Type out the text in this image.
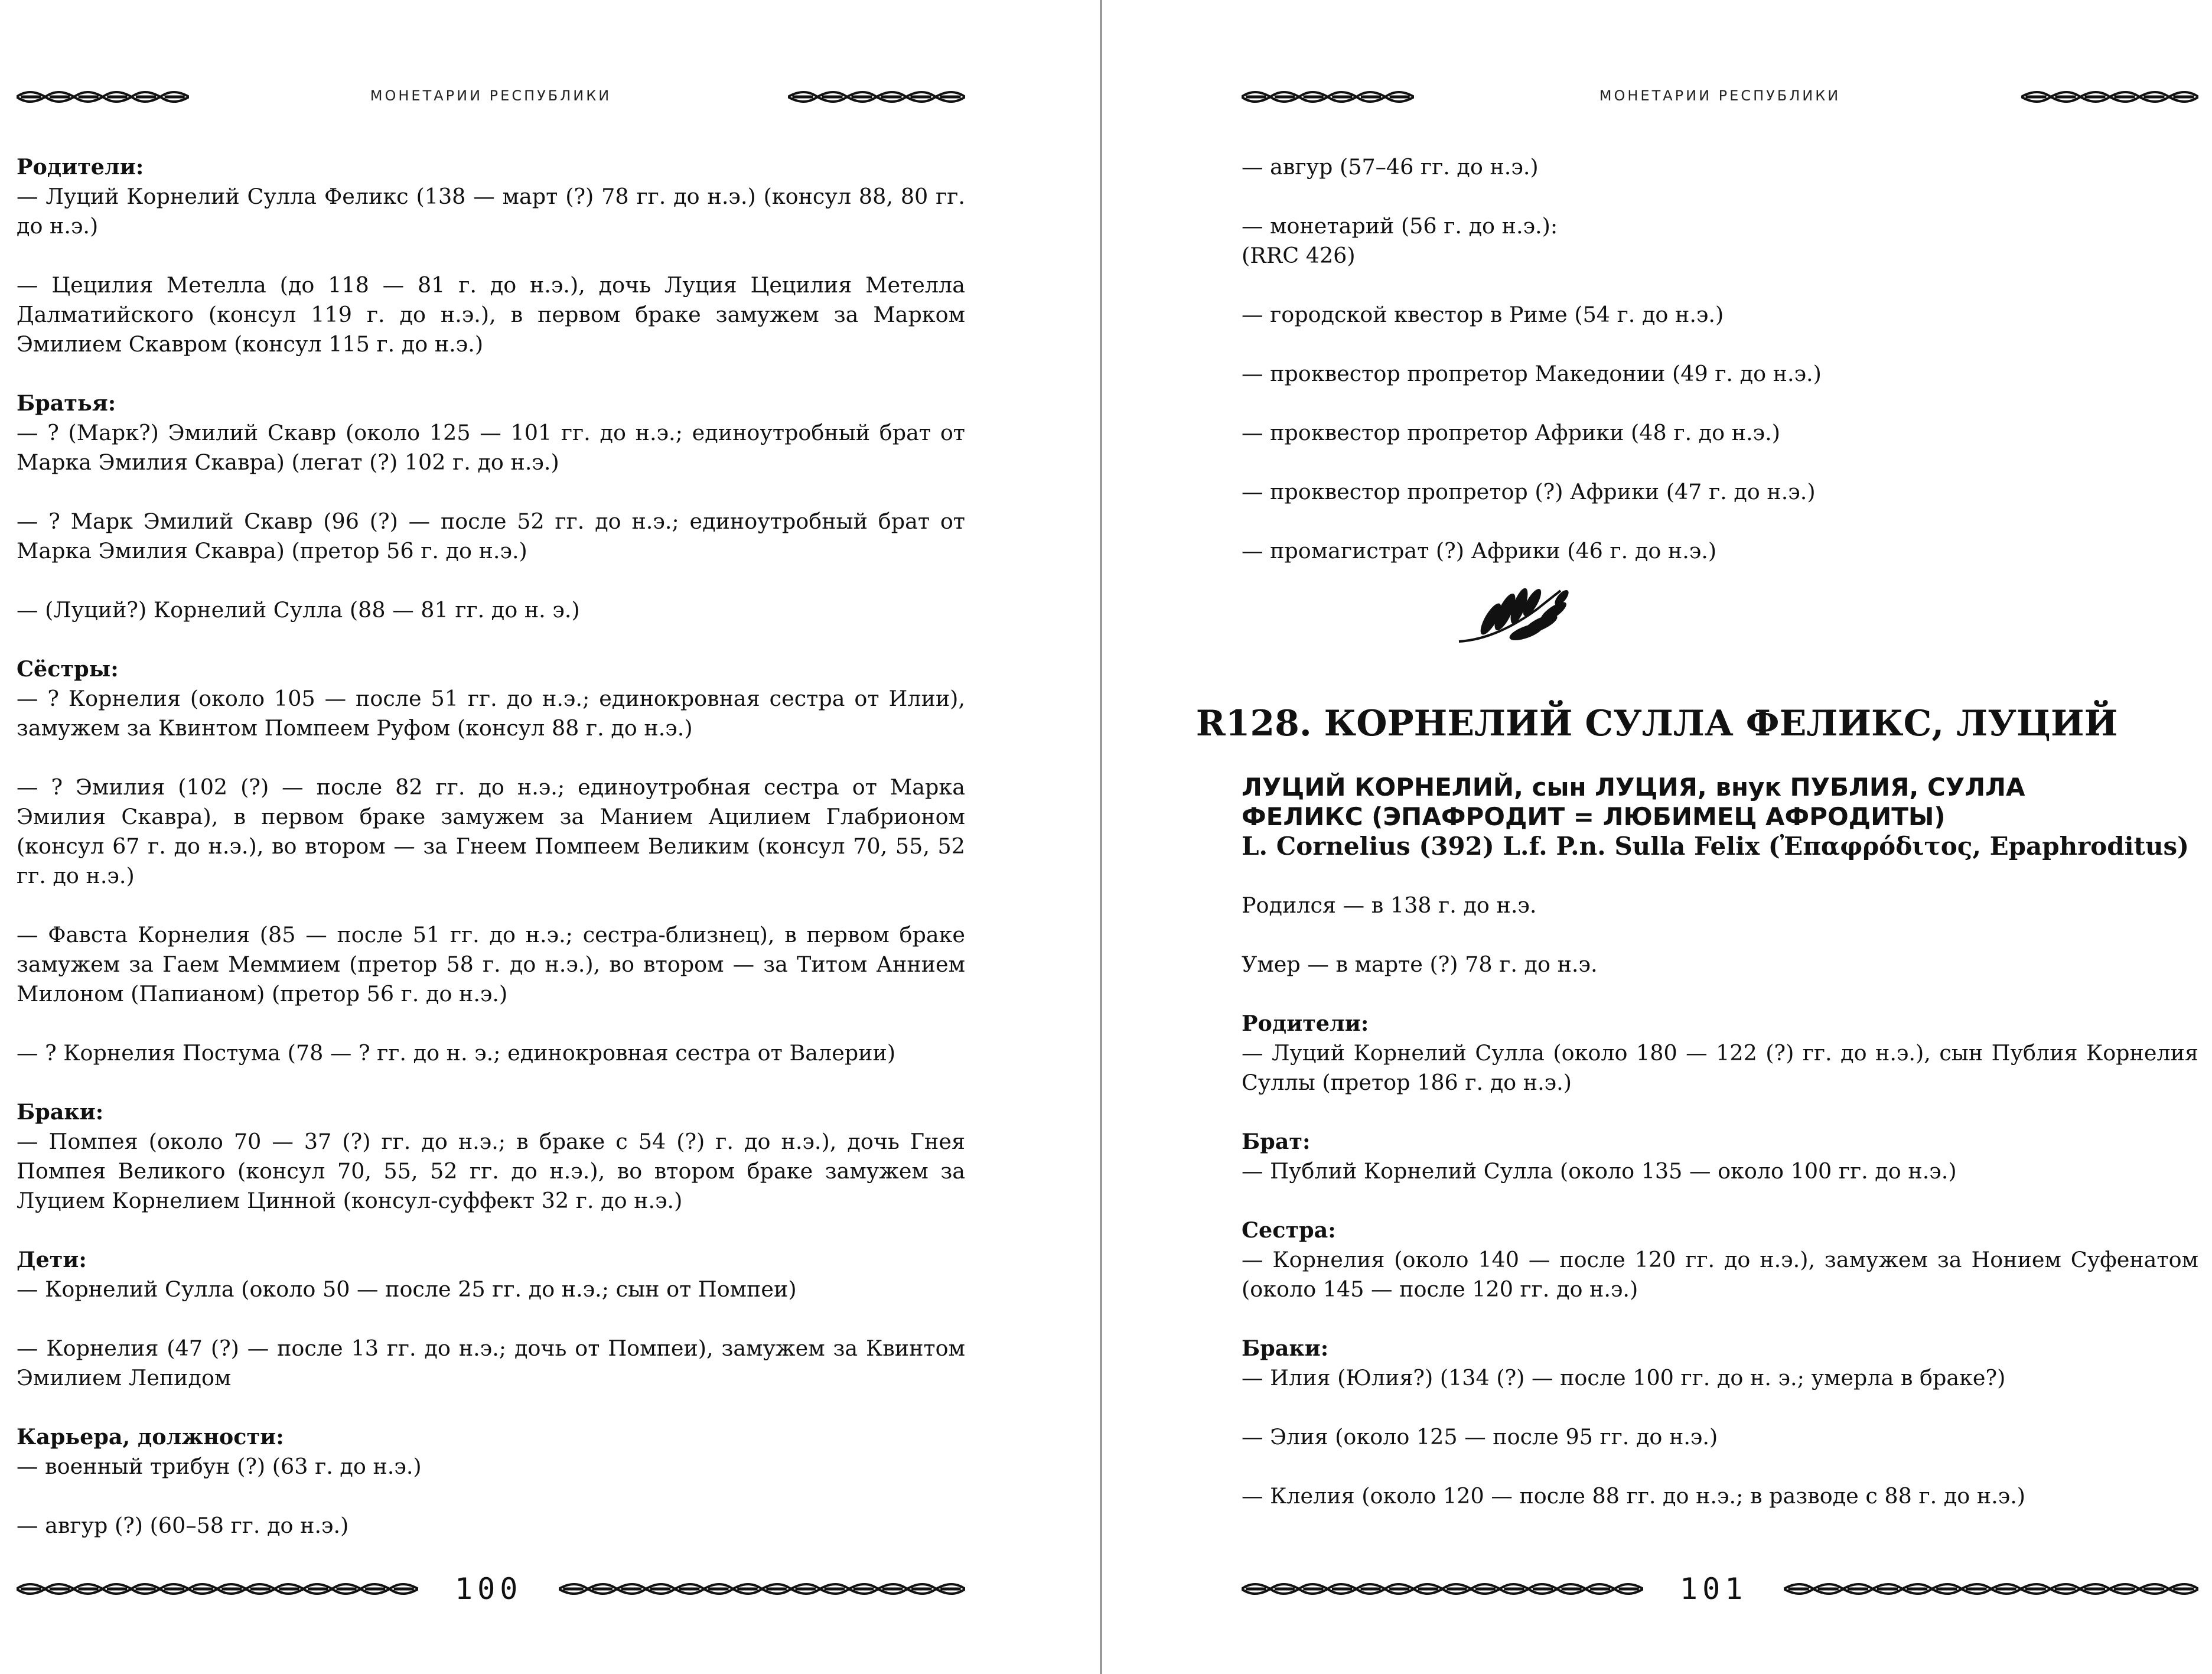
МОНЕТАРИИ РЕСПУБЛИКИ

Родители:
— Луций Корнелий Сулла Феликс (138 — март (?) 78 гг. до н.э.) (консул 88, 80 гг. до н.э.)

— Цецилия Метелла (до 118 — 81 г. до н.э.), дочь Луция Цецилия Метелла Далматийского (консул 119 г. до н.э.), в первом браке замужем за Марком Эмилием Скавром (консул 115 г. до н.э.)

Братья:
— ? (Марк?) Эмилий Скавр (около 125 — 101 гг. до н.э.; единоутробный брат от Марка Эмилия Скавра) (легат (?) 102 г. до н.э.)

— ? Марк Эмилий Скавр (96 (?) — после 52 гг. до н.э.; единоутробный брат от Марка Эмилия Скавра) (претор 56 г. до н.э.)

— (Луций?) Корнелий Сулла (88 — 81 гг. до н. э.)

Сёстры:
— ? Корнелия (около 105 — после 51 гг. до н.э.; единокровная сестра от Илии), замужем за Квинтом Помпеем Руфом (консул 88 г. до н.э.)

— ? Эмилия (102 (?) — после 82 гг. до н.э.; единоутробная сестра от Марка Эмилия Скавра), в первом браке замужем за Манием Ацилием Глабрионом (консул 67 г. до н.э.), во втором — за Гнеем Помпеем Великим (консул 70, 55, 52 гг. до н.э.)

— Фавста Корнелия (85 — после 51 гг. до н.э.; сестра-близнец), в первом браке замужем за Гаем Меммием (претор 58 г. до н.э.), во втором — за Титом Аннием Милоном (Папианом) (претор 56 г. до н.э.)

— ? Корнелия Постума (78 — ? гг. до н. э.; единокровная сестра от Валерии)

Браки:
— Помпея (около 70 — 37 (?) гг. до н.э.; в браке с 54 (?) г. до н.э.), дочь Гнея Помпея Великого (консул 70, 55, 52 гг. до н.э.), во втором браке замужем за Луцием Корнелием Цинной (консул-суффект 32 г. до н.э.)

Дети:
— Корнелий Сулла (около 50 — после 25 гг. до н.э.; сын от Помпеи)

— Корнелия (47 (?) — после 13 гг. до н.э.; дочь от Помпеи), замужем за Квинтом Эмилием Лепидом

Карьера, должности:
— военный трибун (?) (63 г. до н.э.)

— авгур (?) (60–58 гг. до н.э.)

100
МОНЕТАРИИ РЕСПУБЛИКИ

— авгур (57–46 гг. до н.э.)

— монетарий (56 г. до н.э.):
(RRC 426)

— городской квестор в Риме (54 г. до н.э.)

— проквестор пропретор Македонии (49 г. до н.э.)

— проквестор пропретор Африки (48 г. до н.э.)

— проквестор пропретор (?) Африки (47 г. до н.э.)

— промагистрат (?) Африки (46 г. до н.э.)

R128. КОРНЕЛИЙ СУЛЛА ФЕЛИКС, ЛУЦИЙ
ЛУЦИЙ КОРНЕЛИЙ, сын ЛУЦИЯ, внук ПУБЛИЯ, СУЛЛА
ФЕЛИКС (ЭПАФРОДИТ = ЛЮБИМЕЦ АФРОДИТЫ)
L. Cornelius (392) L.f. P.n. Sulla Felix (Ἐπαφρόδιτος, Epaphroditus)

Родился — в 138 г. до н.э.

Умер — в марте (?) 78 г. до н.э.

Родители:
— Луций Корнелий Сулла (около 180 — 122 (?) гг. до н.э.), сын Публия Корнелия Суллы (претор 186 г. до н.э.)

Брат:
— Публий Корнелий Сулла (около 135 — около 100 гг. до н.э.)

Сестра:
— Корнелия (около 140 — после 120 гг. до н.э.), замужем за Нонием Суфенатом (около 145 — после 120 гг. до н.э.)

Браки:
— Илия (Юлия?) (134 (?) — после 100 гг. до н. э.; умерла в браке?)

— Элия (около 125 — после 95 гг. до н.э.)

— Клелия (около 120 — после 88 гг. до н.э.; в разводе с 88 г. до н.э.)

101
